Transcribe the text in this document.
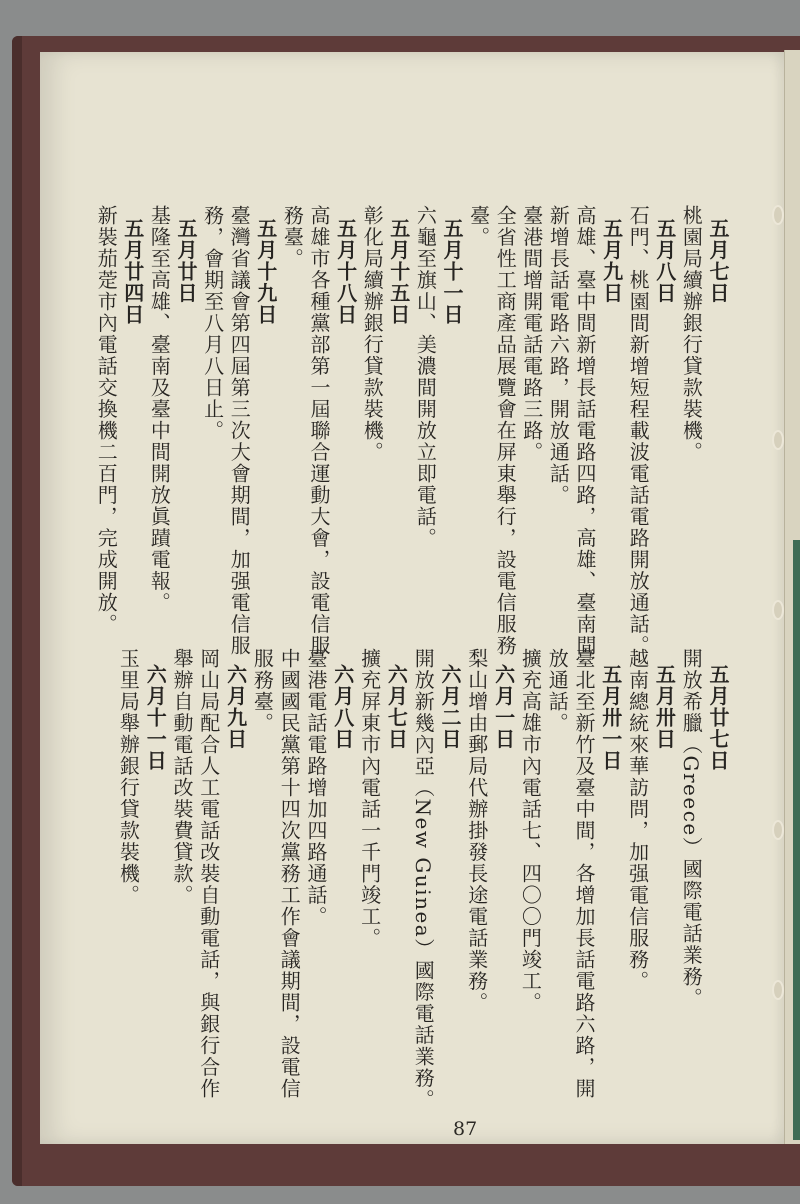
87
五月七日
桃園局續辦銀行貸款裝機。
五月八日
石門、桃園間新增短程載波電話電路開放通話。
五月九日
高雄、臺中間新增長話電路四路，高雄、臺南間
新增長話電路六路，開放通話。
臺港間增開電話電路三路。
全省性工商產品展覽會在屏東舉行，設電信服務
臺。
五月十一日
六龜至旗山、美濃間開放立即電話。
五月十五日
彰化局續辦銀行貸款裝機。
五月十八日
高雄市各種黨部第一屆聯合運動大會，設電信服
務臺。
五月十九日
臺灣省議會第四屆第三次大會期間，加强電信服
務，會期至八月八日止。
五月廿日
基隆至高雄、臺南及臺中間開放眞蹟電報。
五月廿四日
新裝茄萣市內電話交換機二百門，完成開放。
五月廿七日
開放希臘（Greece）國際電話業務。
五月卅日
越南總統來華訪問，加强電信服務。
五月卅一日
臺北至新竹及臺中間，各增加長話電路六路，開
放通話。
擴充高雄市內電話七、四〇〇門竣工。
六月一日
梨山增由郵局代辦掛發長途電話業務。
六月二日
開放新幾內亞（New Guinea）國際電話業務。
六月七日
擴充屏東市內電話一千門竣工。
六月八日
臺港電話電路增加四路通話。
中國國民黨第十四次黨務工作會議期間，設電信
服務臺。
六月九日
岡山局配合人工電話改裝自動電話，與銀行合作
舉辦自動電話改裝費貸款。
六月十一日
玉里局舉辦銀行貸款裝機。
